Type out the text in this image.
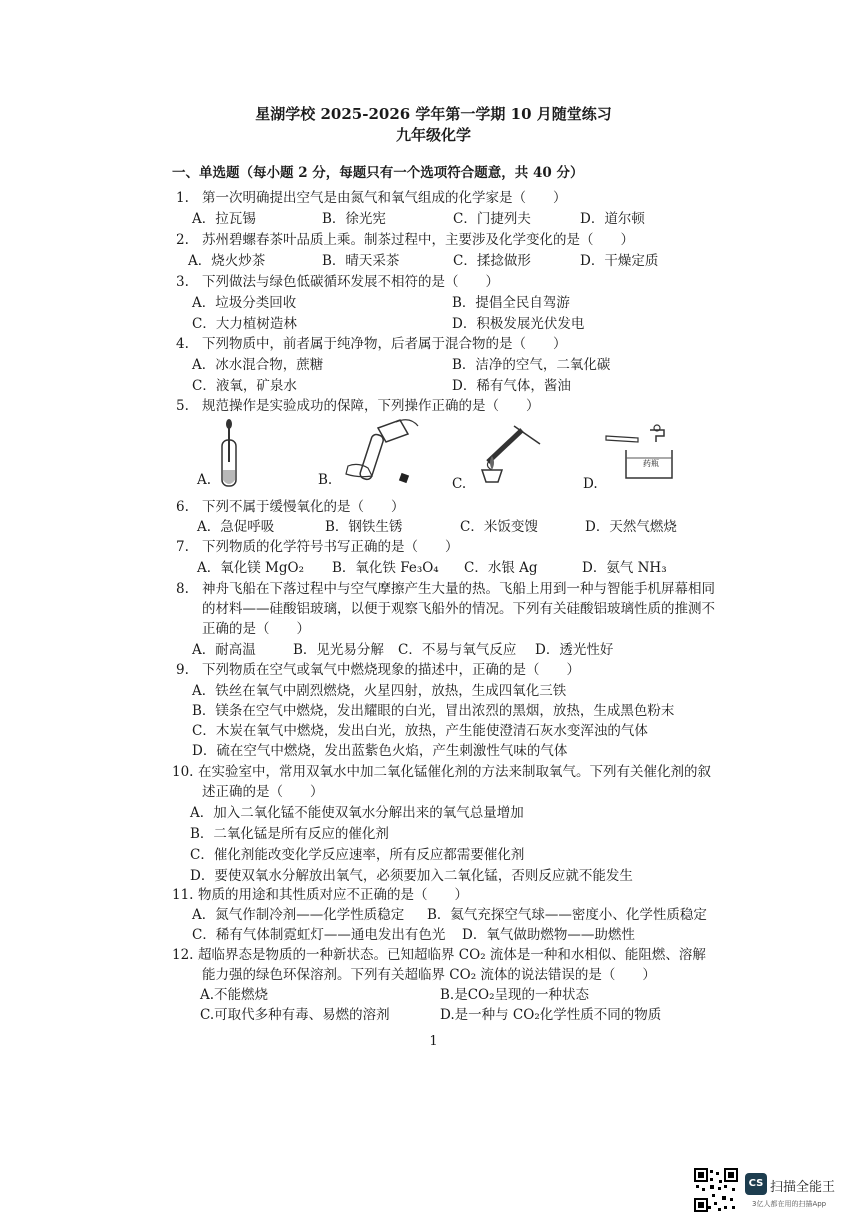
星湖学校 2025-2026 学年第一学期 10 月随堂练习
九年级化学
一、单选题（每小题 2 分，每题只有一个选项符合题意，共 40 分）
1. 第一次明确提出空气是由氮气和氧气组成的化学家是（　　）
A．拉瓦锡	B．徐光宪	C．门捷列夫	D．道尔顿
2. 苏州碧螺春茶叶品质上乘。制茶过程中，主要涉及化学变化的是（　　）
A．烧火炒茶	B．晴天采茶	C．揉捻做形	D．干燥定质
3. 下列做法与绿色低碳循环发展不相符的是（　　）
A．垃圾分类回收	B．提倡全民自驾游
C．大力植树造林	D．积极发展光伏发电
4. 下列物质中，前者属于纯净物，后者属于混合物的是（　　）
A．冰水混合物，蔗糖	B．洁净的空气，二氧化碳
C．液氧，矿泉水	D．稀有气体，酱油
5. 规范操作是实验成功的保障，下列操作正确的是（　　）
A.	B.	C.
药瓶
D.
6. 下列不属于缓慢氧化的是（　　）
A．急促呼吸	B．钢铁生锈	C．米饭变馊	D．天然气燃烧
7. 下列物质的化学符号书写正确的是（　　）
A．氧化镁 MgO₂ B．氧化铁 Fe₃O₄ C．水银 Ag	D．氨气 NH₃
8. 神舟飞船在下落过程中与空气摩擦产生大量的热。飞船上用到一种与智能手机屏幕相同
的材料——硅酸铝玻璃，以便于观察飞船外的情况。下列有关硅酸铝玻璃性质的推测不
正确的是（　　）
A．耐高温	B．见光易分解 C．不易与氧气反应 D．透光性好
9. 下列物质在空气或氧气中燃烧现象的描述中，正确的是（　　）
A．铁丝在氧气中剧烈燃烧，火星四射，放热，生成四氧化三铁
B．镁条在空气中燃烧，发出耀眼的白光，冒出浓烈的黑烟，放热，生成黑色粉末
C．木炭在氧气中燃烧，发出白光，放热，产生能使澄清石灰水变浑浊的气体
D．硫在空气中燃烧，发出蓝紫色火焰，产生刺激性气味的气体
10. 在实验室中，常用双氧水中加二氧化锰催化剂的方法来制取氧气。下列有关催化剂的叙
述正确的是（　　）
A．加入二氧化锰不能使双氧水分解出来的氧气总量增加
B．二氧化锰是所有反应的催化剂
C．催化剂能改变化学反应速率，所有反应都需要催化剂
D．要使双氧水分解放出氧气，必须要加入二氧化锰，否则反应就不能发生
11. 物质的用途和其性质对应不正确的是（　　）
A．氮气作制冷剂——化学性质稳定 B．氦气充探空气球——密度小、化学性质稳定
C．稀有气体制霓虹灯——通电发出有色光 D．氧气做助燃物——助燃性
12. 超临界态是物质的一种新状态。已知超临界 CO₂ 流体是一种和水相似、能阻燃、溶解
能力强的绿色环保溶剂。下列有关超临界 CO₂ 流体的说法错误的是（　　）
A.不能燃烧	B.是CO₂呈现的一种状态
C.可取代多种有毒、易燃的溶剂	D.是一种与 CO₂化学性质不同的物质
1
CS 扫描全能王
3亿人都在用的扫描App
